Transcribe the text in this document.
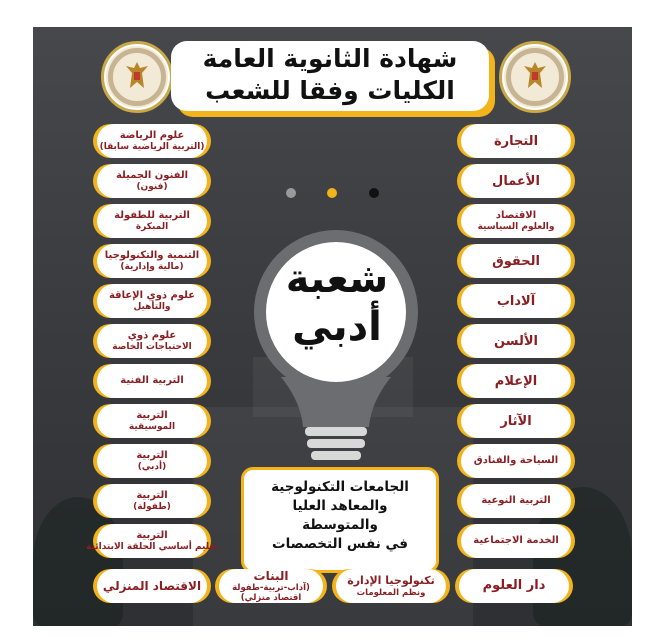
شهادة الثانوية العامة
الكليات وفقا للشعب
شعبة
أدبي
التجارة
الأعمال
الاقتصاد
والعلوم السياسية
الحقوق
آلاداب
الألسن
الإعلام
الآثار
السياحة والفنادق
التربية النوعية
الخدمة الاجتماعية
علوم الرياضة
(التربية الرياضية سابقا)
الفنون الجميلة
(فنون)
التربية للطفولة
المبكرة
التنمية والتكنولوجيا
(مالية وإدارية)
علوم ذوي الإعاقة
والتأهيل
علوم ذوي
الاحتياجات الخاصة
التربية الفنية
التربية
الموسيقية
التربية
(أدبي)
التربية
(طفولة)
التربية
تعليم أساسي الحلقة الابتدائية
الجامعات التكنولوجية
والمعاهد العليا
والمتوسطة
في نفس التخصصات
الاقتصاد المنزلي
البنات
(آداب-تربية-طفولة
اقتصاد منزلي)
تكنولوجيا الإدارة
ونظم المعلومات	دار العلوم
